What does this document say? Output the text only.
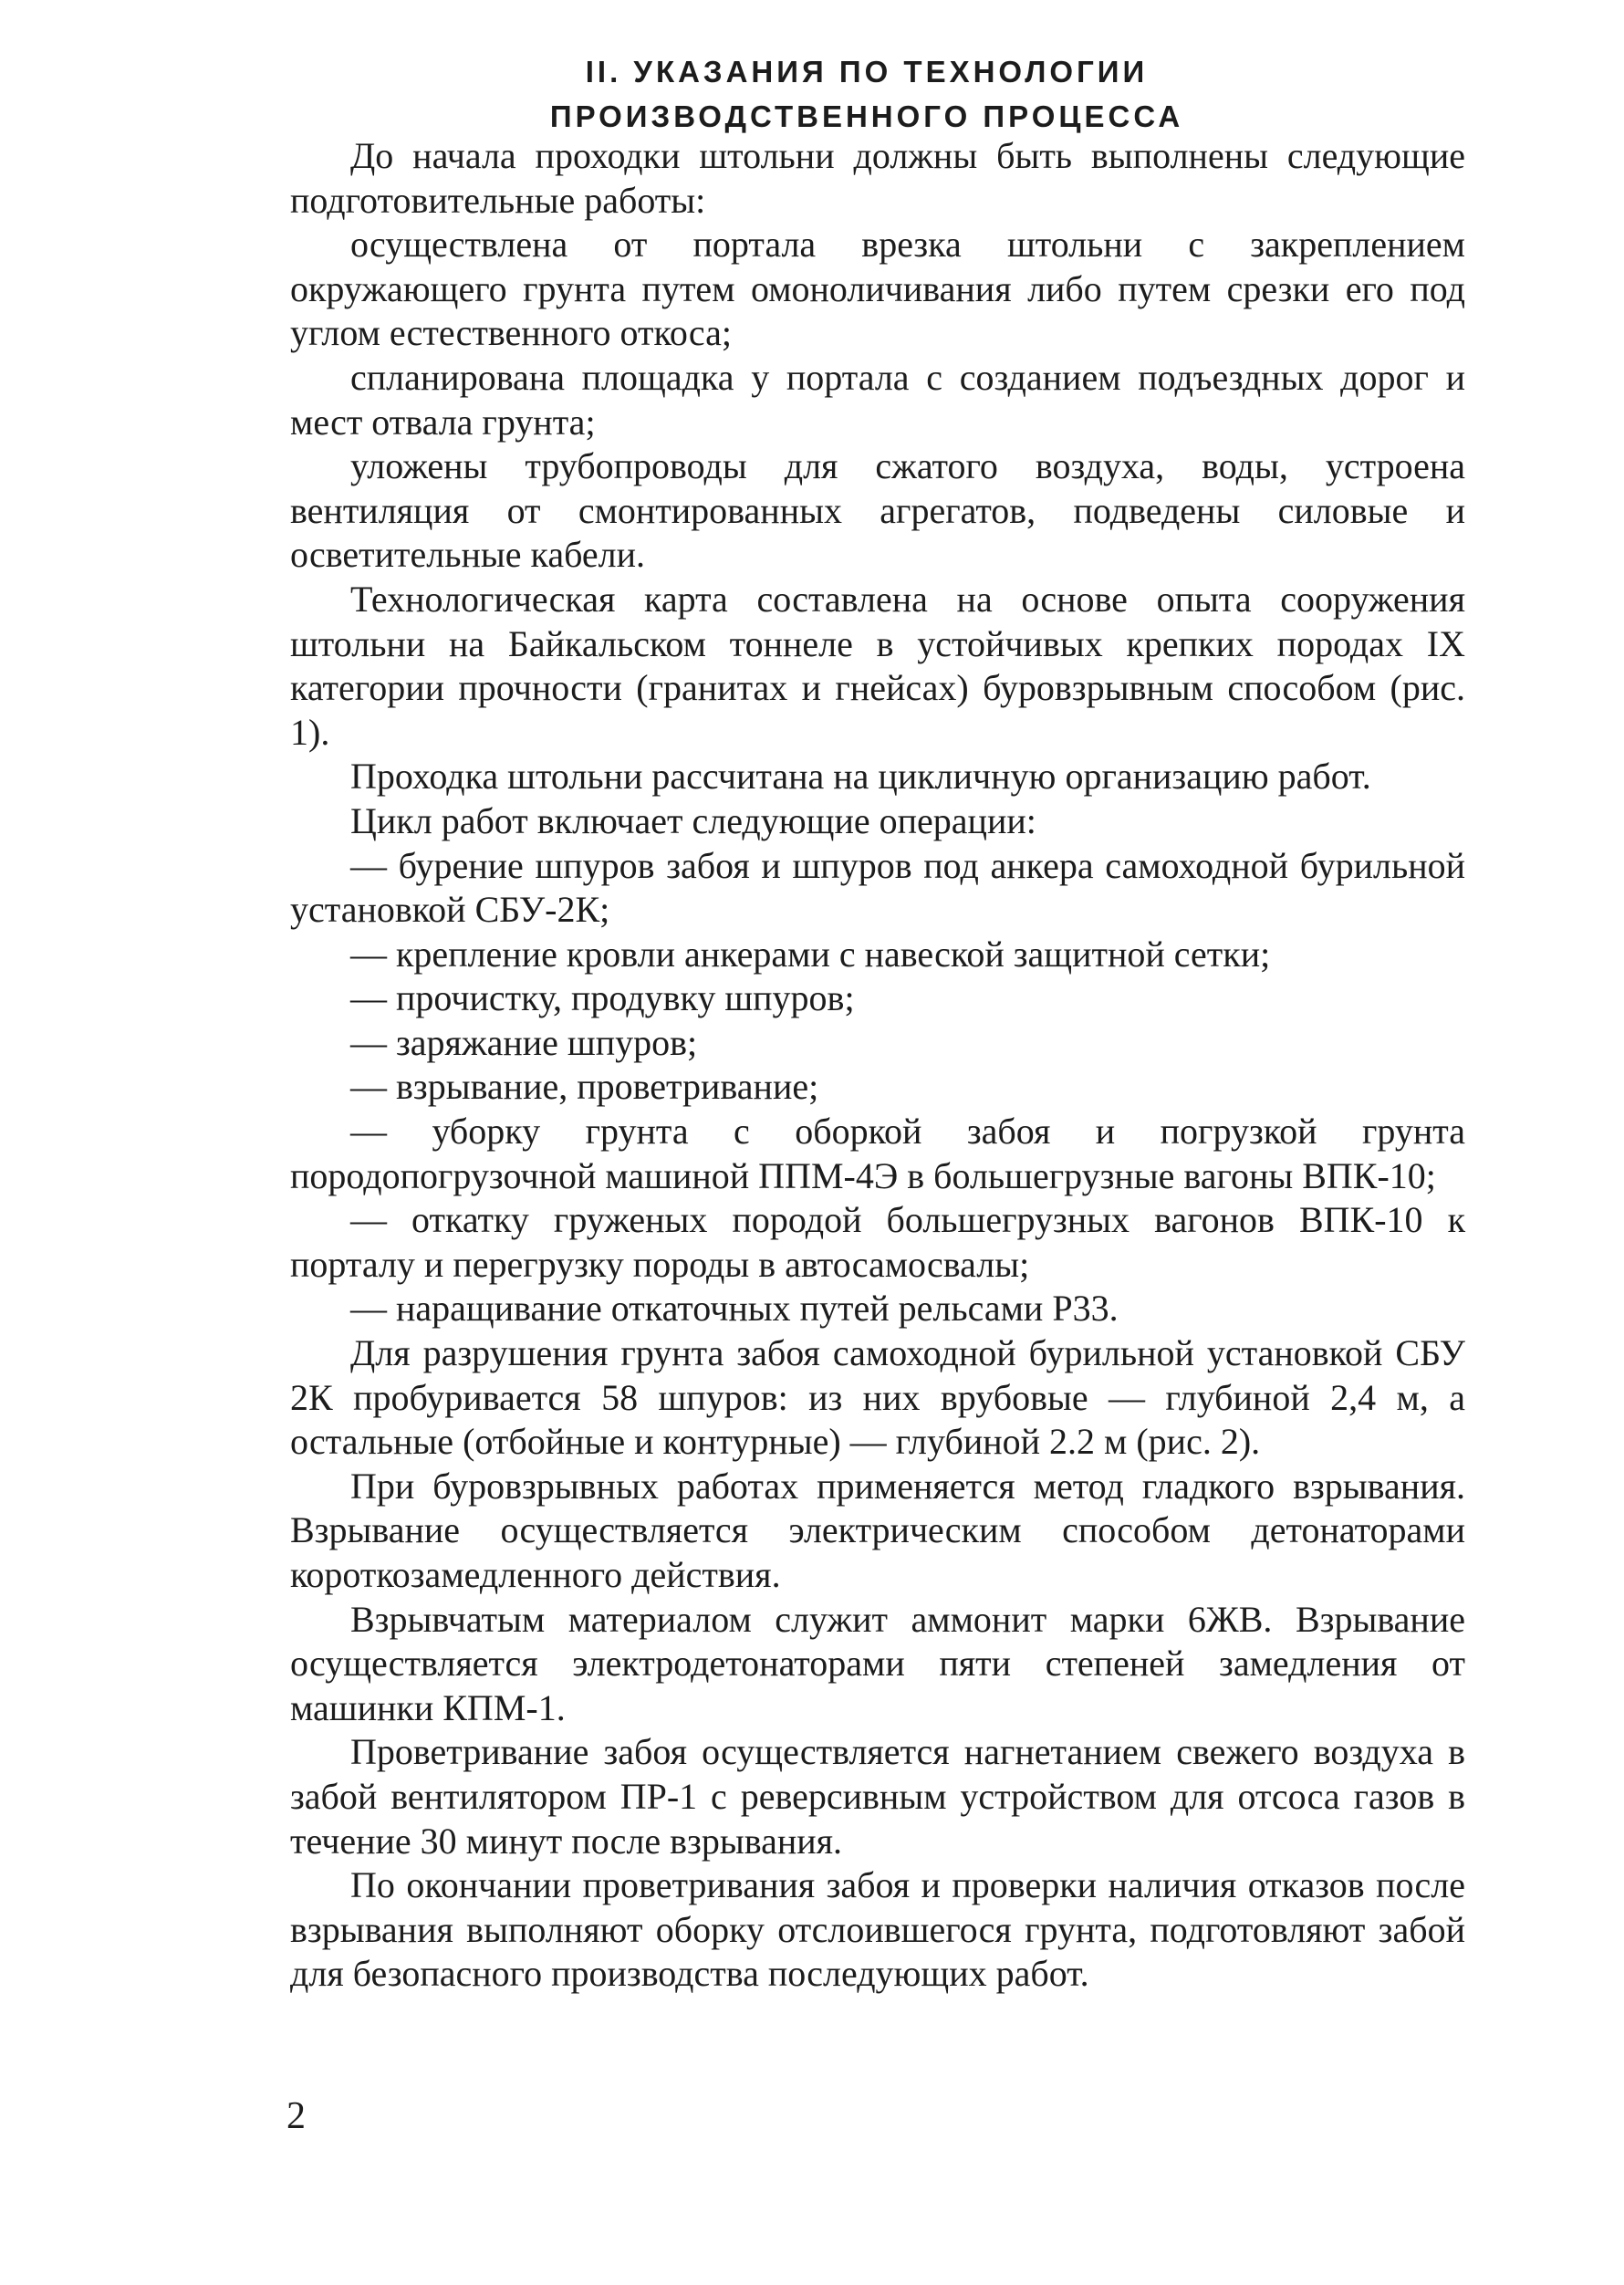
II. УКАЗАНИЯ ПО ТЕХНОЛОГИИ
ПРОИЗВОДСТВЕННОГО ПРОЦЕССА

До начала проходки штольни должны быть выполнены следующие подготовительные работы:

осуществлена от портала врезка штольни с закреплением окружающего грунта путем омоноличивания либо путем срезки его под углом естественного откоса;

спланирована площадка у портала с созданием подъездных дорог и мест отвала грунта;

уложены трубопроводы для сжатого воздуха, воды, устроена вентиляция от смонтированных агрегатов, подведены силовые и осветительные кабели.

Технологическая карта составлена на основе опыта сооружения штольни на Байкальском тоннеле в устойчивых крепких породах IX категории прочности (гранитах и гнейсах) буровзрывным способом (рис. 1).

Проходка штольни рассчитана на цикличную организацию работ.

Цикл работ включает следующие операции:

— бурение шпуров забоя и шпуров под анкера самоходной бурильной установкой СБУ-2К;

— крепление кровли анкерами с навеской защитной сетки;

— прочистку, продувку шпуров;

— заряжание шпуров;

— взрывание, проветривание;

— уборку грунта с оборкой забоя и погрузкой грунта породопогрузочной машиной ППМ-4Э в большегрузные вагоны ВПК-10;

— откатку груженых породой большегрузных вагонов ВПК-10 к порталу и перегрузку породы в автосамосвалы;

— наращивание откаточных путей рельсами Р33.

Для разрушения грунта забоя самоходной бурильной установкой СБУ 2К пробуривается 58 шпуров: из них врубовые — глубиной 2,4 м, а остальные (отбойные и контурные) — глубиной 2.2 м (рис. 2).

При буровзрывных работах применяется метод гладкого взрывания. Взрывание осуществляется электрическим способом детонаторами короткозамедленного действия.

Взрывчатым материалом служит аммонит марки 6ЖВ. Взрывание осуществляется электродетонаторами пяти степеней замедления от машинки КПМ-1.

Проветривание забоя осуществляется нагнетанием свежего воздуха в забой вентилятором ПР-1 с реверсивным устройством для отсоса газов в течение 30 минут после взрывания.

По окончании проветривания забоя и проверки наличия отказов после взрывания выполняют оборку отслоившегося грунта, подготовляют забой для безопасного производства последующих работ.

2
